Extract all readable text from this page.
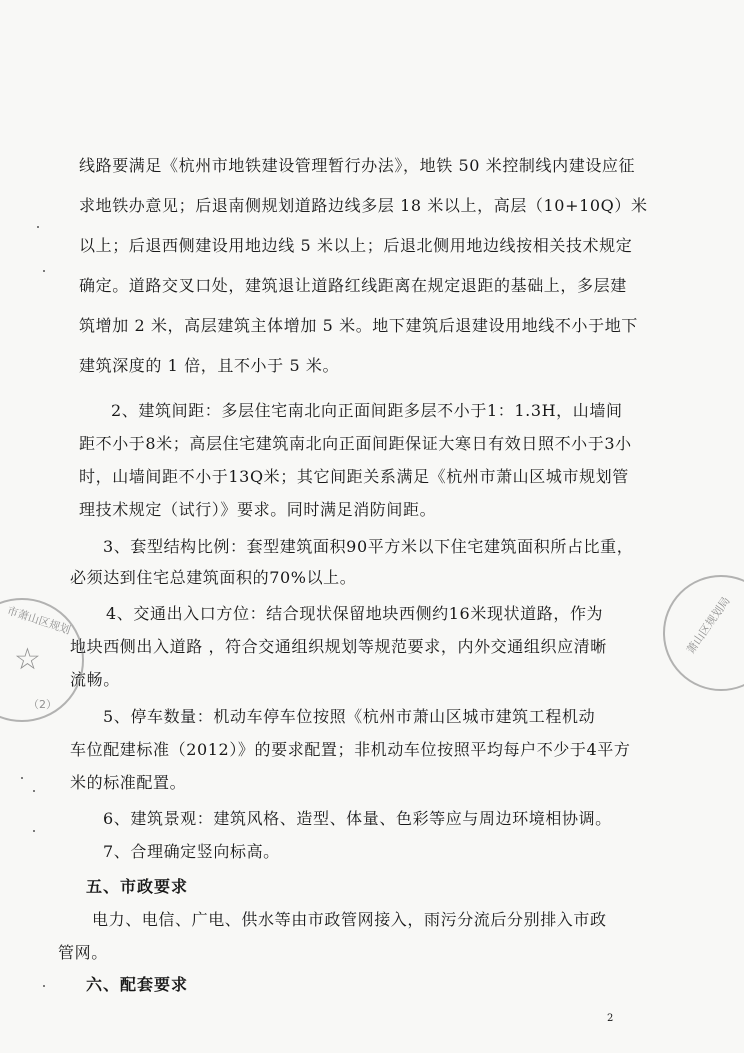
线路要满足《杭州市地铁建设管理暂行办法》，地铁 50 米控制线内建设应征
求地铁办意见；后退南侧规划道路边线多层 18 米以上，高层（10+10Q）米
以上；后退西侧建设用地边线 5 米以上；后退北侧用地边线按相关技术规定
确定。道路交叉口处，建筑退让道路红线距离在规定退距的基础上，多层建
筑增加 2 米，高层建筑主体增加 5 米。地下建筑后退建设用地线不小于地下
建筑深度的 1 倍，且不小于 5 米。
2、建筑间距：多层住宅南北向正面间距多层不小于1：1.3H，山墙间
距不小于8米；高层住宅建筑南北向正面间距保证大寒日有效日照不小于3小
时，山墙间距不小于13Q米；其它间距关系满足《杭州市萧山区城市规划管
理技术规定（试行）》要求。同时满足消防间距。
3、套型结构比例：套型建筑面积90平方米以下住宅建筑面积所占比重，
必须达到住宅总建筑面积的70%以上。
4、交通出入口方位：结合现状保留地块西侧约16米现状道路，作为
地块西侧出入道路 ，符合交通组织规划等规范要求，内外交通组织应清晰
流畅。
5、停车数量：机动车停车位按照《杭州市萧山区城市建筑工程机动
车位配建标准（2012）》的要求配置；非机动车位按照平均每户不少于4平方
米的标准配置。
6、建筑景观：建筑风格、造型、体量、色彩等应与周边环境相协调。
7、合理确定竖向标高。
五、市政要求
电力、电信、广电、供水等由市政管网接入，雨污分流后分别排入市政
管网。
六、配套要求
2
市萧山区规划
☆
（2）
萧山区规划局
